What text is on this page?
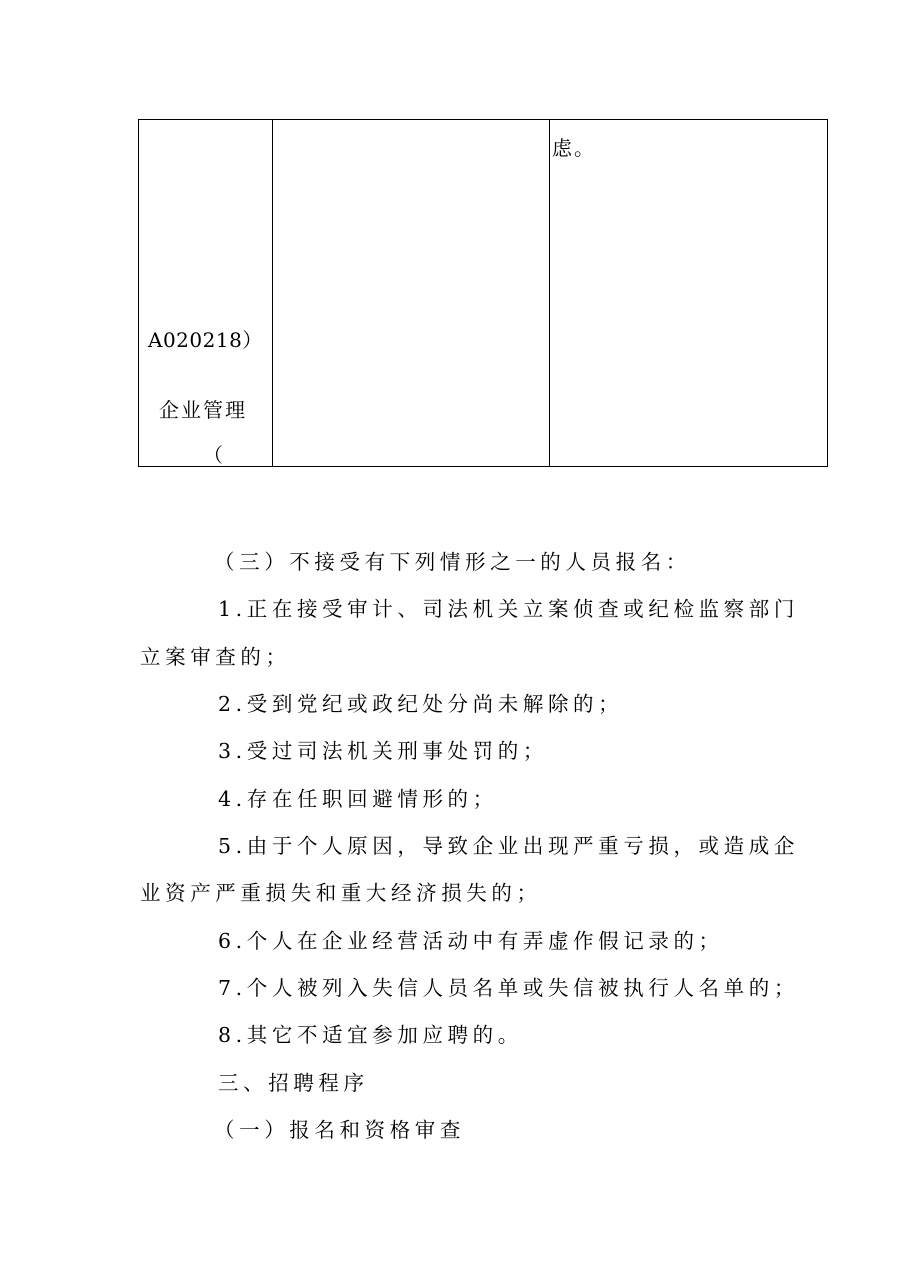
A020218）
企业管理
（
虑。
（三）不接受有下列情形之一的人员报名：
1.正在接受审计、司法机关立案侦查或纪检监察部门
立案审查的；
2.受到党纪或政纪处分尚未解除的；
3.受过司法机关刑事处罚的；
4.存在任职回避情形的；
5.由于个人原因，导致企业出现严重亏损，或造成企
业资产严重损失和重大经济损失的；
6.个人在企业经营活动中有弄虚作假记录的；
7.个人被列入失信人员名单或失信被执行人名单的；
8.其它不适宜参加应聘的。
三、招聘程序
（一）报名和资格审查
